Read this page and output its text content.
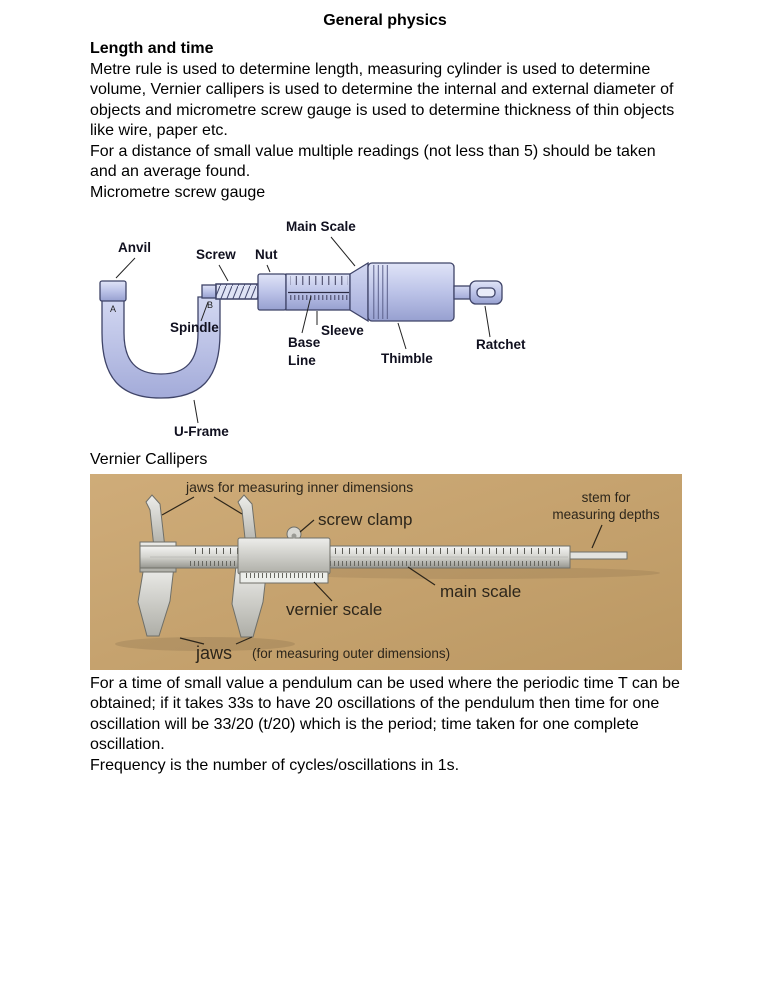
General physics

Length and time

Metre rule is used to determine length, measuring cylinder is used to determine volume, Vernier callipers is used to determine the internal and external diameter of objects and micrometre screw gauge is used to determine thickness of thin objects like wire, paper etc.

For a distance of small value multiple readings (not less than 5) should be taken and an average found.

Micrometre screw gauge

A	B
Main Scale
Anvil	Screw Nut
Spindle	Sleeve
Base
Line	Thimble
Ratchet
U-Frame

Vernier Callipers

jaws for measuring inner dimensions
screw clamp
stem for
measuring depths
main scale
vernier scale
jaws (for measuring outer dimensions)

For a time of small value a pendulum can be used where the periodic time T can be obtained; if it takes 33s to have 20 oscillations of the pendulum then time for one oscillation will be 33/20 (t/20) which is the period; time taken for one complete oscillation.

Frequency is the number of cycles/oscillations in 1s.
